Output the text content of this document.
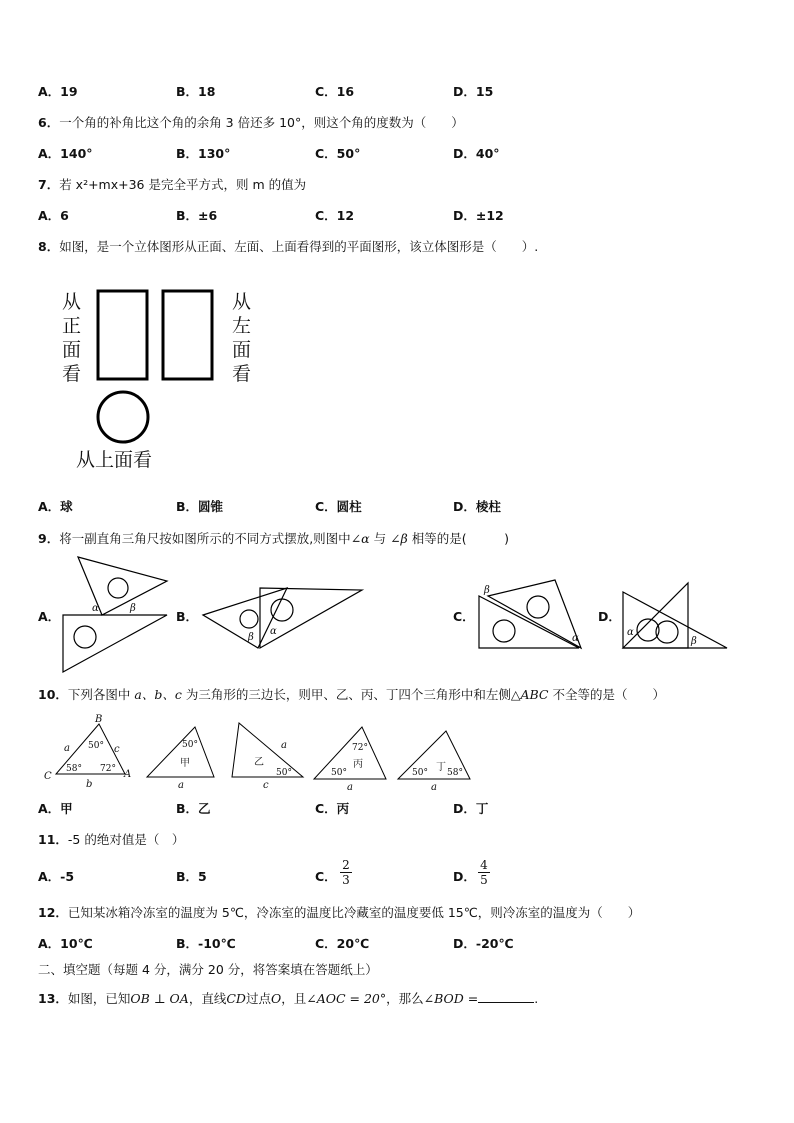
A．19	B．18	C．16	D．15
6．一个角的补角比这个角的余角 3 倍还多 10°，则这个角的度数为（　　）
A．140°	B．130°	C．50°	D．40°
7．若 x²+mx+36 是完全平方式，则 m 的值为
A．6	B．±6	C．12	D．±12
8．如图，是一个立体图形从正面、左面、上面看得到的平面图形，该立体图形是（　　）.
从
正
面
看
从
左
面
看
从上面看
α	β
β
α
β
α
α
β
A．	B．	C．	D．
B
C	A
a
b
c
50°
58° 72°
50°
甲
a
乙
a
c
50°
72°
丙
50°
a
丁
50° 58°
a
A．球	B．圆锥	C．圆柱	D．棱柱
9．将一副直角三角尺按如图所示的不同方式摆放,则图中∠α 与 ∠β 相等的是(　　　)
10．下列各图中 a、b、c 为三角形的三边长，则甲、乙、丙、丁四个三角形中和左侧△ABC 不全等的是（　　）
A．甲	B．乙	C．丙	D．丁
11．-5 的绝对值是（　）
A．-5	B．5	C． $\frac{2}{3}$	D． $\frac{4}{5}$
12．已知某冰箱冷冻室的温度为 5℃，冷冻室的温度比冷藏室的温度要低 15℃，则冷冻室的温度为（　　）
A．10℃	B．-10℃	C．20℃	D．-20℃
二、填空题（每题 4 分，满分 20 分，将答案填在答题纸上）
13．如图，已知OB ⊥ OA，直线CD过点O，且∠AOC = 20°，那么∠BOD =	.
